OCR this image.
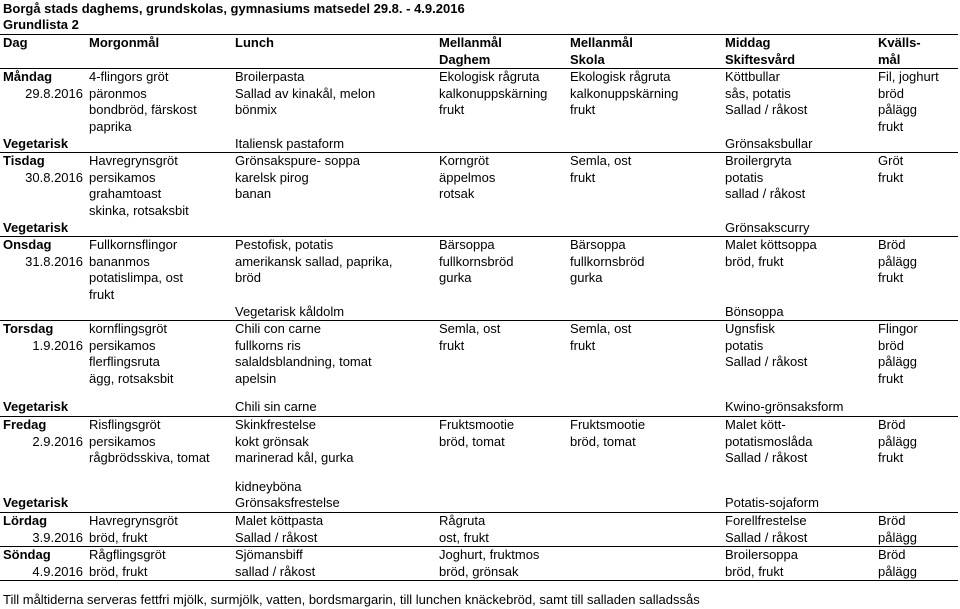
Borgå stads daghems, grundskolas, gymnasiums matsedel 29.8. - 4.9.2016
Grundlista 2
Dag	Morgonmål	Lunch	Mellanmål	Mellanmål	Middag	Kvälls-
			Daghem	Skola	Skiftesvård	mål
Måndag	4-flingors gröt	Broilerpasta	Ekologisk rågruta	Ekologisk rågruta	Köttbullar	Fil, joghurt
29.8.2016	päronmos	Sallad av kinakål, melon	kalkonuppskärning	kalkonuppskärning	sås, potatis	bröd
	bondbröd, färskost	bönmix	frukt	frukt	Sallad / råkost	pålägg
	paprika					frukt
Vegetarisk		Italiensk pastaform			Grönsaksbullar	
Tisdag	Havregrynsgröt	Grönsakspure- soppa	Korngröt	Semla, ost	Broilergryta	Gröt
30.8.2016	persikamos	karelsk pirog	äppelmos	frukt	potatis	frukt
	grahamtoast	banan	rotsak		sallad / råkost	
	skinka, rotsaksbit					
Vegetarisk					Grönsakscurry	
Onsdag	Fullkornsflingor	Pestofisk, potatis	Bärsoppa	Bärsoppa	Malet köttsoppa	Bröd
31.8.2016	bananmos	amerikansk sallad, paprika,	fullkornsbröd	fullkornsbröd	bröd, frukt	pålägg
	potatislimpa, ost	bröd	gurka	gurka		frukt
	frukt					
		Vegetarisk kåldolm			Bönsoppa	
Torsdag	kornflingsgröt	Chili con carne	Semla, ost	Semla, ost	Ugnsfisk	Flingor
1.9.2016	persikamos	fullkorns ris	frukt	frukt	potatis	bröd
	flerflingsruta	salaldsblandning, tomat			Sallad / råkost	pålägg
	ägg, rotsaksbit	apelsin				frukt

Vegetarisk		Chili sin carne			Kwino-grönsaksform	
Fredag	Risflingsgröt	Skinkfrestelse	Fruktsmootie	Fruktsmootie	Malet kött-	Bröd
2.9.2016	persikamos	kokt grönsak	bröd, tomat	bröd, tomat	potatismoslåda	pålägg
	rågbrödsskiva, tomat	marinerad kål, gurka			Sallad / råkost	frukt

		kidneyböna				
Vegetarisk		Grönsaksfrestelse			Potatis-sojaform	
Lördag	Havregrynsgröt	Malet köttpasta	Rågruta		Forellfrestelse	Bröd
3.9.2016	bröd, frukt	Sallad / råkost	ost, frukt		Sallad / råkost	pålägg
Söndag	Rågflingsgröt	Sjömansbiff	Joghurt, fruktmos		Broilersoppa	Bröd
4.9.2016	bröd, frukt	sallad / råkost	bröd, grönsak		bröd, frukt	pålägg
Till måltiderna serveras fettfri mjölk, surmjölk, vatten, bordsmargarin, till lunchen knäckebröd, samt till salladen salladssås
